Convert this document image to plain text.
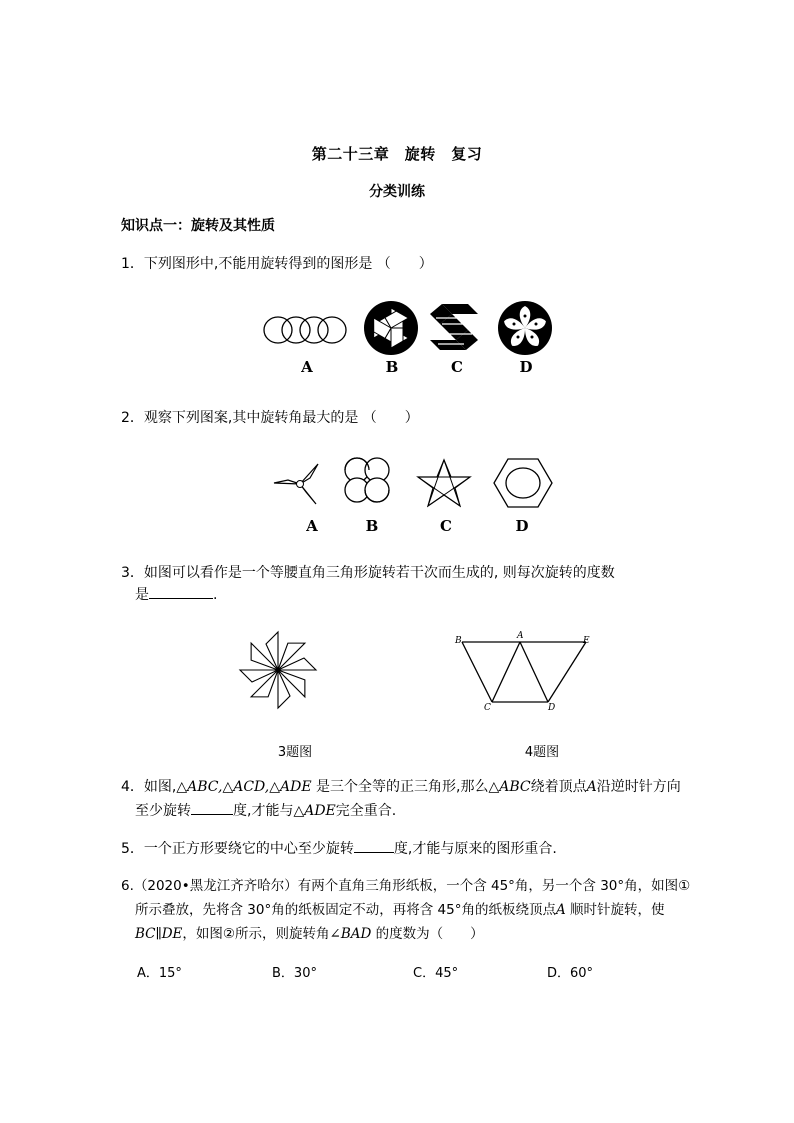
第二十三章　旋转　复习
分类训练
知识点一：旋转及其性质
1．下列图形中,不能用旋转得到的图形是 （　　）
A	B	C	D
2．观察下列图案,其中旋转角最大的是 （　　）
A	B	C	D
3．如图可以看作是一个等腰直角三角形旋转若干次而生成的, 则每次旋转的度数
是	.
B	A	E
C	D
3题图	4题图
4．如图,△ABC,△ACD,△ADE 是三个全等的正三角形,那么△ABC绕着顶点A沿逆时针方向
至少旋转	度,才能与△ADE完全重合.
5．一个正方形要绕它的中心至少旋转	度,才能与原来的图形重合.
6.（2020•黑龙江齐齐哈尔）有两个直角三角形纸板，一个含 45°角，另一个含 30°角，如图①
所示叠放，先将含 30°角的纸板固定不动，再将含 45°角的纸板绕顶点A 顺时针旋转，使
BC∥DE，如图②所示，则旋转角∠BAD 的度数为（　　）
A．15°	B．30°	C．45°	D．60°
